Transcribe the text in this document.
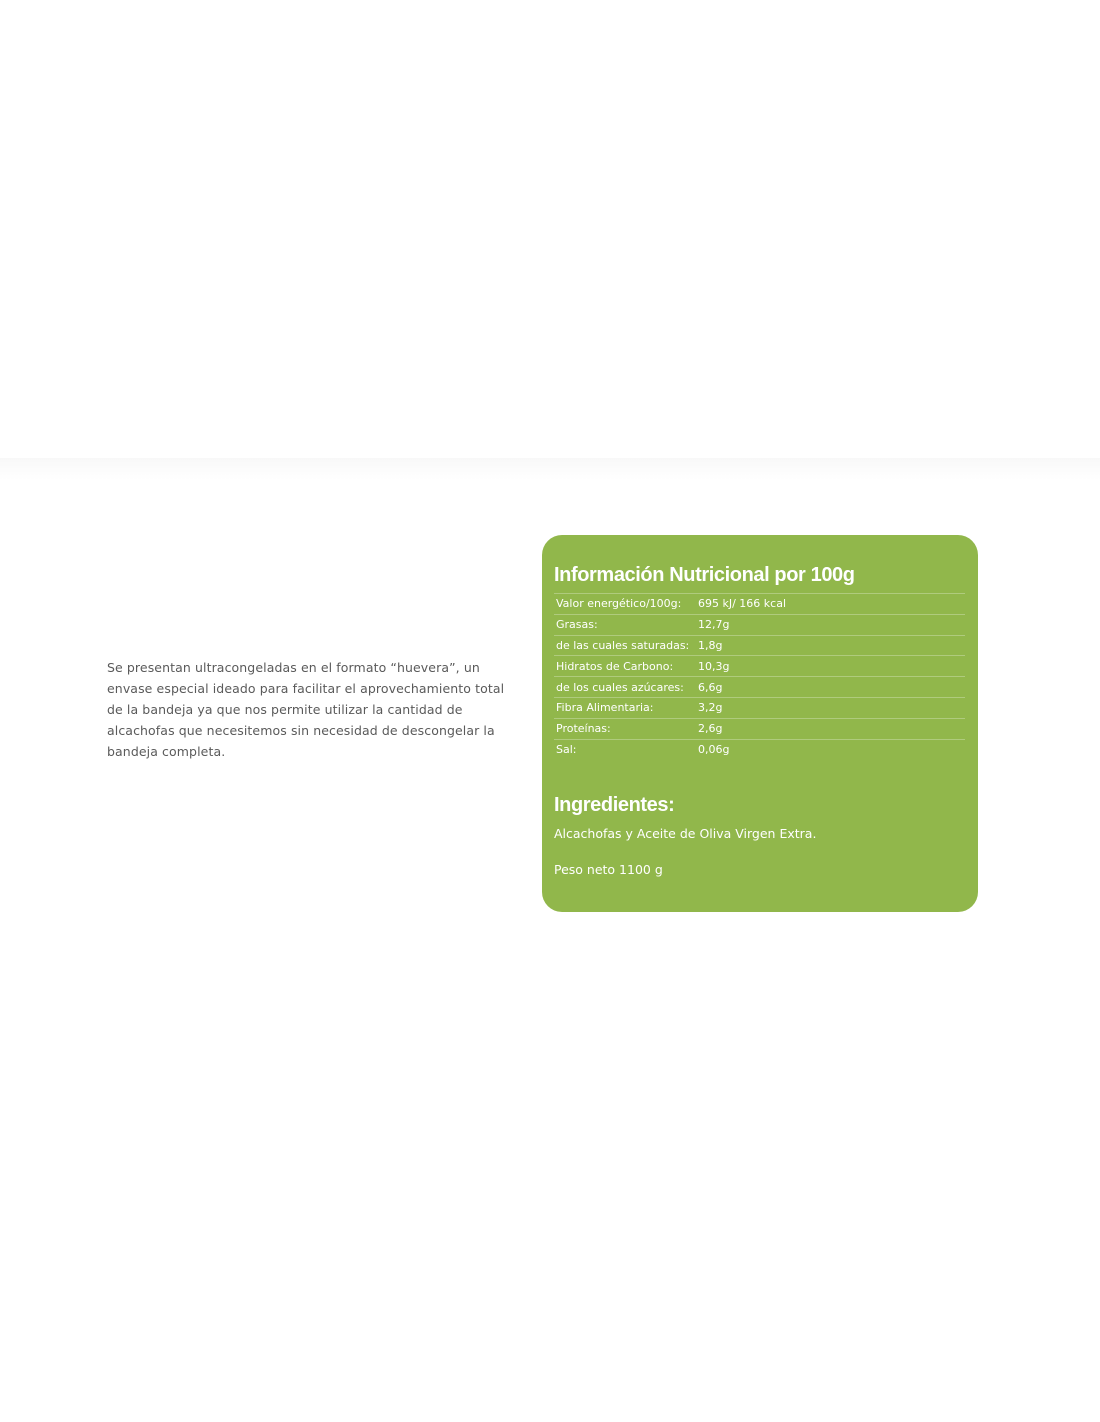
Se presentan ultracongeladas en el formato “huevera”, un envase especial ideado para facilitar el aprovechamiento total de la bandeja ya que nos permite utilizar la cantidad de alcachofas que necesitemos sin necesidad de descongelar la bandeja completa.

Información Nutricional por 100g
Valor energético/100g:	695 kJ/ 166 kcal
Grasas:	12,7g
de las cuales saturadas:	1,8g
Hidratos de Carbono:	10,3g
de los cuales azúcares:	6,6g
Fibra Alimentaria:	3,2g
Proteínas:	2,6g
Sal:	0,06g
Ingredientes:

Alcachofas y Aceite de Oliva Virgen Extra.

Peso neto 1100 g
